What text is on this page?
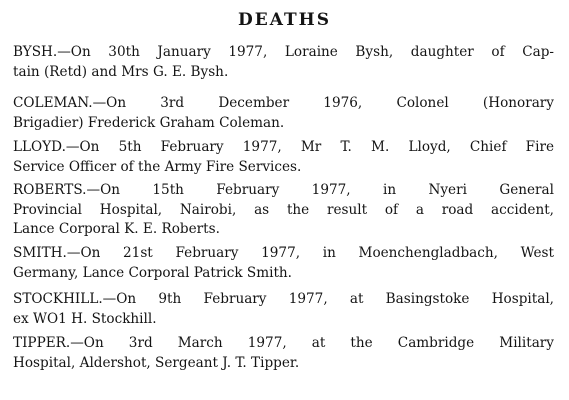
DEATHS
BYSH.—On 30th January 1977, Loraine Bysh, daughter of Cap-
tain (Retd) and Mrs G. E. Bysh.
COLEMAN.—On 3rd December 1976, Colonel (Honorary
Brigadier) Frederick Graham Coleman.
LLOYD.—On 5th February 1977, Mr T. M. Lloyd, Chief Fire
Service Officer of the Army Fire Services.
ROBERTS.—On 15th February 1977, in Nyeri General
Provincial Hospital, Nairobi, as the result of a road accident,
Lance Corporal K. E. Roberts.
SMITH.—On 21st February 1977, in Moenchengladbach, West
Germany, Lance Corporal Patrick Smith.
STOCKHILL.—On 9th February 1977, at Basingstoke Hospital,
ex WO1 H. Stockhill.
TIPPER.—On 3rd March 1977, at the Cambridge Military
Hospital, Aldershot, Sergeant J. T. Tipper.
